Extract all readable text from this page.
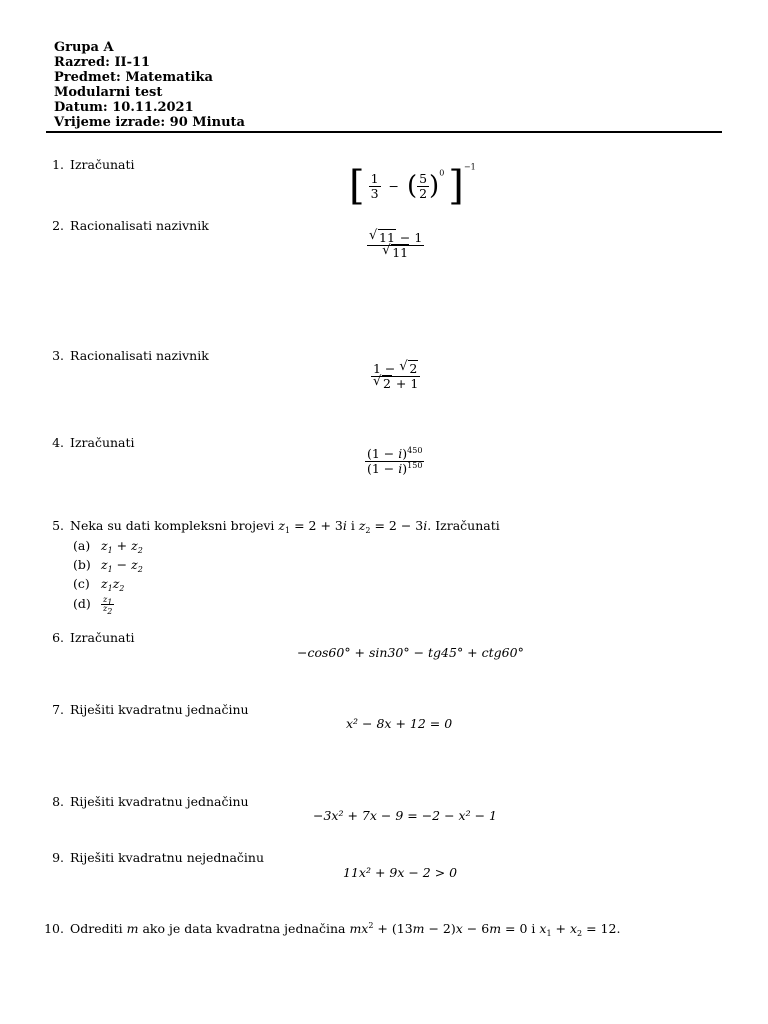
Grupa A
Razred: II-11
Predmet: Matematika
Modularni test
Datum: 10.11.2021
Vrijeme izrade: 90 Minuta
1. Izračunati	[ $\frac{1}{3}$ −  ( $\frac{5}{2} )^0$ ]$^{-1}$
2. Racionalisati nazivnik
$\frac{√ 11 - 1}{√ 11}$
3. Racionalisati nazivnik
$\frac{1 - √ 2}{√ 2 + 1}$
4. Izračunati
$\frac{(1 - i)^{450}}{(1 - i)^{150}}$
5. Neka su dati kompleksni brojevi $z_1 = 2 + 3i$ i $z_2 = 2 - 3i$. Izračunati
(a) $z_1 + z_2$
(b) $z_1 - z_2$
(c) $z_1z_2$
$(d) \frac{z_1}{z_2}$
6. Izračunati
−cos60° + sin30° − tg45° + ctg60°
7. Riješiti kvadratnu jednačinu
x² − 8x + 12 = 0
8. Riješiti kvadratnu jednačinu
−3x² + 7x − 9 = −2 − x² − 1
9. Riješiti kvadratnu nejednačinu
11x² + 9x − 2 > 0
10. Odrediti m ako je data kvadratna jednačina $mx^2 + (13m - 2)x - 6m = 0$ i $x_1 + x_2 = 12$.
